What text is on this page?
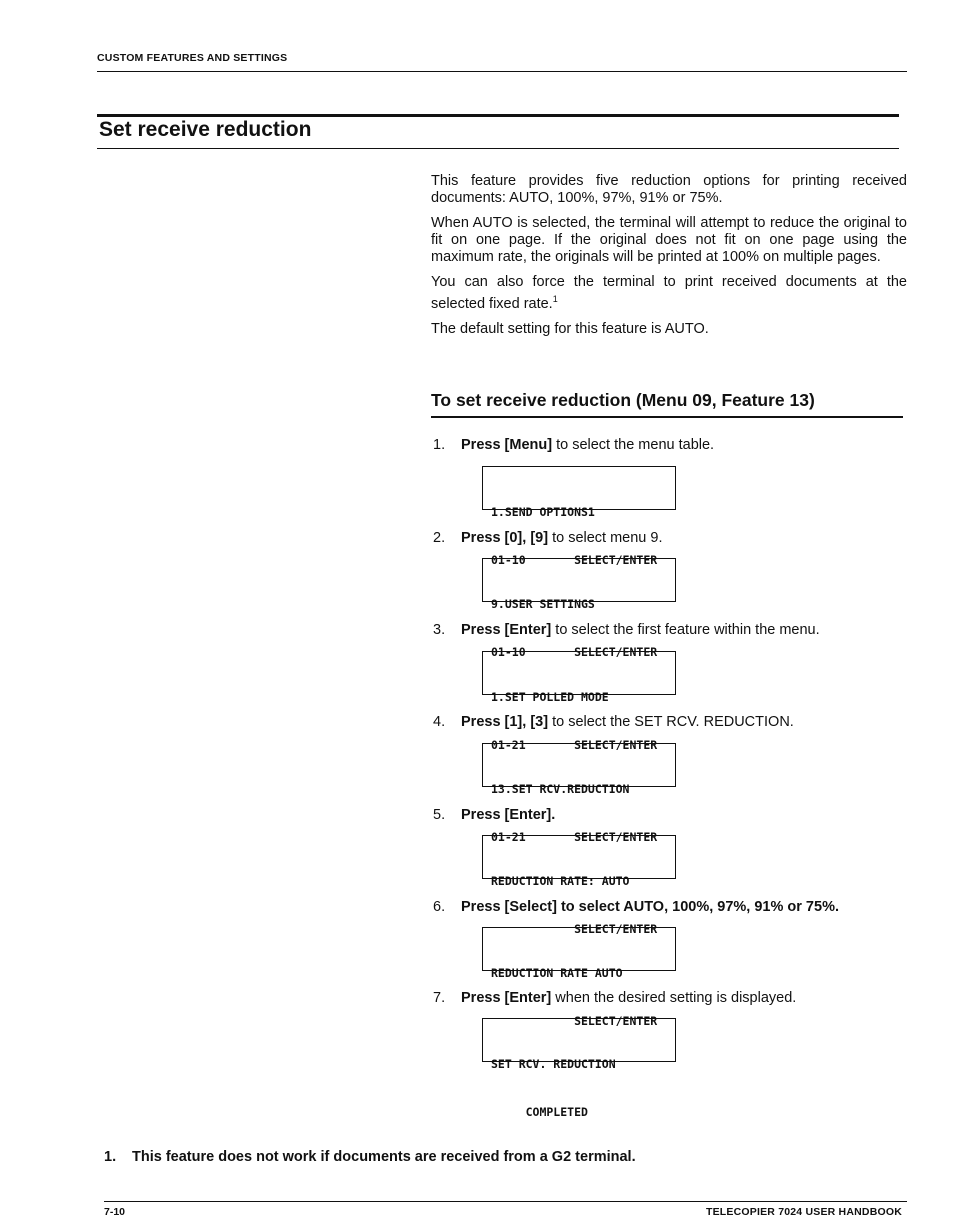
CUSTOM FEATURES AND SETTINGS
Set receive reduction

This feature provides five reduction options for printing received documents: AUTO, 100%, 97%, 91% or 75%.

When AUTO is selected, the terminal will attempt to reduce the original to fit on one page. If the original does not fit on one page using the maximum rate, the originals will be printed at 100% on multiple pages.

You can also force the terminal to print received documents at the selected fixed rate.$^1$

The default setting for this feature is AUTO.

To set receive reduction (Menu 09, Feature 13)
1. Press [Menu] to select the menu table.

1.SEND OPTIONS1

01-10       SELECT/ENTER

2. Press [0], [9] to select menu 9.

9.USER SETTINGS

01-10       SELECT/ENTER

3. Press [Enter] to select the first feature within the menu.

1.SET POLLED MODE

01-21       SELECT/ENTER

4. Press [1], [3] to select the SET RCV. REDUCTION.

13.SET RCV.REDUCTION

01-21       SELECT/ENTER

5. Press [Enter].

REDUCTION RATE: AUTO

SELECT/ENTER

6. Press [Select] to select AUTO, 100%, 97%, 91% or 75%.

REDUCTION RATE AUTO

SELECT/ENTER

7. Press [Enter] when the desired setting is displayed.

SET RCV. REDUCTION

COMPLETED

1. This feature does not work if documents are received from a G2 terminal.
7-10	TELECOPIER 7024 USER HANDBOOK
